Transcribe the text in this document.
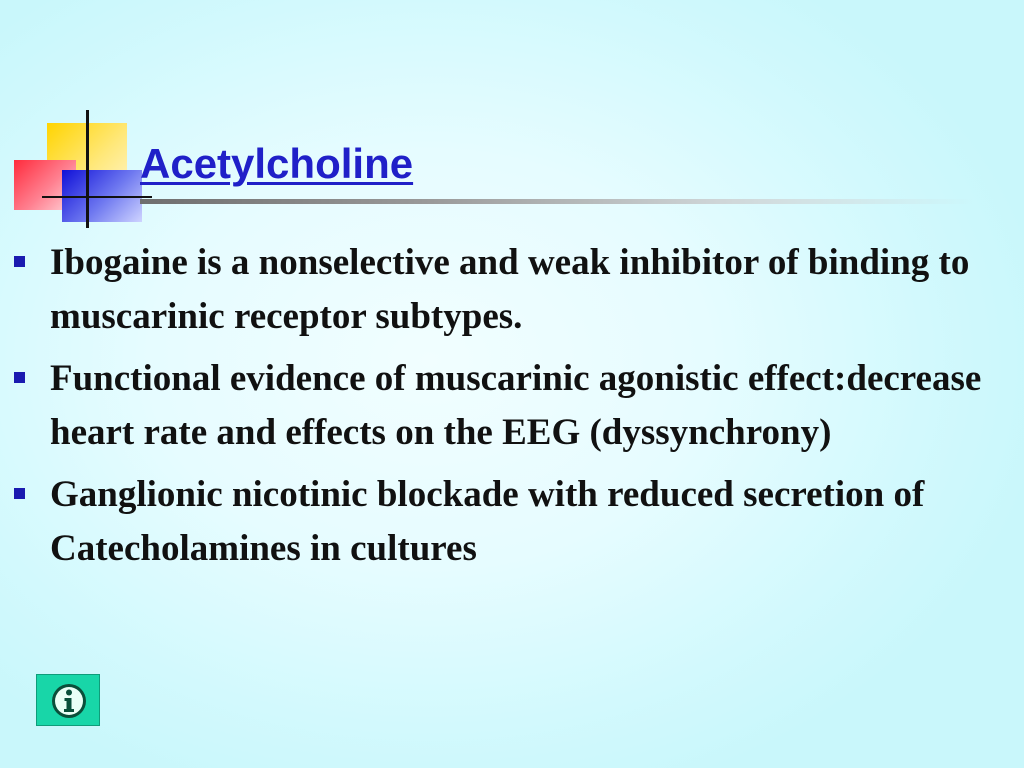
Acetylcholine
Ibogaine is a nonselective and weak inhibitor of binding to muscarinic receptor subtypes.
Functional evidence of muscarinic agonistic effect:decrease heart rate and effects on the EEG (dyssynchrony)
Ganglionic nicotinic blockade with reduced secretion of Catecholamines in cultures
